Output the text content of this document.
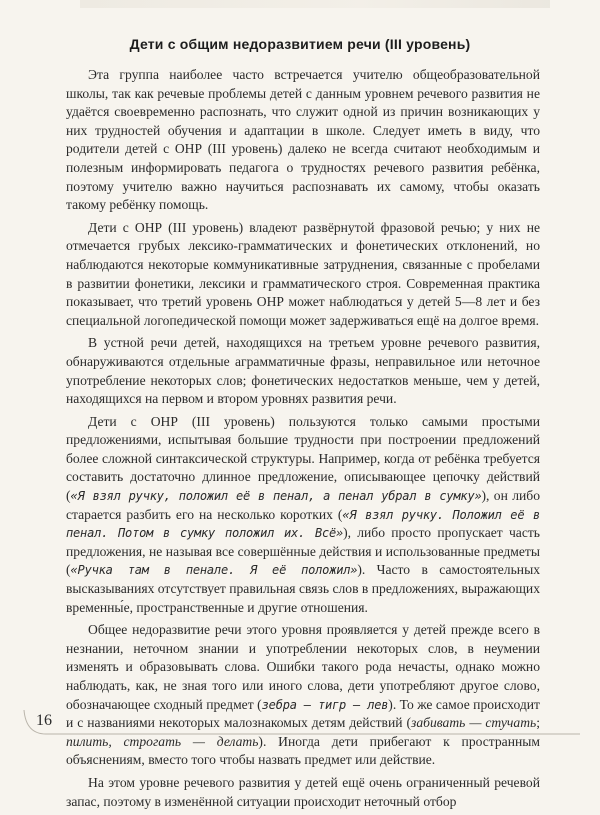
Дети с общим недоразвитием речи (III уровень)

Эта группа наиболее часто встречается учителю общеобразовательной школы, так как речевые проблемы детей с данным уровнем речевого развития не удаётся своевременно распознать, что служит одной из причин возникающих у них трудностей обучения и адаптации в школе. Следует иметь в виду, что родители детей с ОНР (III уровень) далеко не всегда считают необходимым и полезным информировать педагога о трудностях речевого развития ребёнка, поэтому учителю важно научиться распознавать их самому, чтобы оказать такому ребёнку помощь.

Дети с ОНР (III уровень) владеют развёрнутой фразовой речью; у них не отмечается грубых лексико-грамматических и фонетических отклонений, но наблюдаются некоторые коммуникативные затруднения, связанные с пробелами в развитии фонетики, лексики и грамматического строя. Современная практика показывает, что третий уровень ОНР может наблюдаться у детей 5—8 лет и без специальной логопедической помощи может задерживаться ещё на долгое время.

В устной речи детей, находящихся на третьем уровне речевого развития, обнаруживаются отдельные аграмматичные фразы, неправильное или неточное употребление некоторых слов; фонетических недостатков меньше, чем у детей, находящихся на первом и втором уровнях развития речи.

Дети с ОНР (III уровень) пользуются только самыми простыми предложениями, испытывая большие трудности при построении предложений более сложной синтаксической структуры. Например, когда от ребёнка требуется составить достаточно длинное предложение, описывающее цепочку действий («Я взял ручку, положил её в пенал, а пенал убрал в сумку»), он либо старается разбить его на несколько коротких («Я взял ручку. Положил её в пенал. Потом в сумку положил их. Всё»), либо просто пропускает часть предложения, не называя все совершённые действия и использованные предметы («Ручка там в пенале. Я её положил»). Часто в самостоятельных высказываниях отсутствует правильная связь слов в предложениях, выражающих временны́е, пространственные и другие отношения.

Общее недоразвитие речи этого уровня проявляется у детей прежде всего в незнании, неточном знании и употреблении некоторых слов, в неумении изменять и образовывать слова. Ошибки такого рода нечасты, однако можно наблюдать, как, не зная того или иного слова, дети употребляют другое слово, обозначающее сходный предмет (зебра — тигр — лев). То же самое происходит и с названиями некоторых малознакомых детям действий (забивать — стучать; пилить, строгать — делать). Иногда дети прибегают к пространным объяснениям, вместо того чтобы назвать предмет или действие.

На этом уровне речевого развития у детей ещё очень ограниченный речевой запас, поэтому в изменённой ситуации происходит неточный отбор

16
